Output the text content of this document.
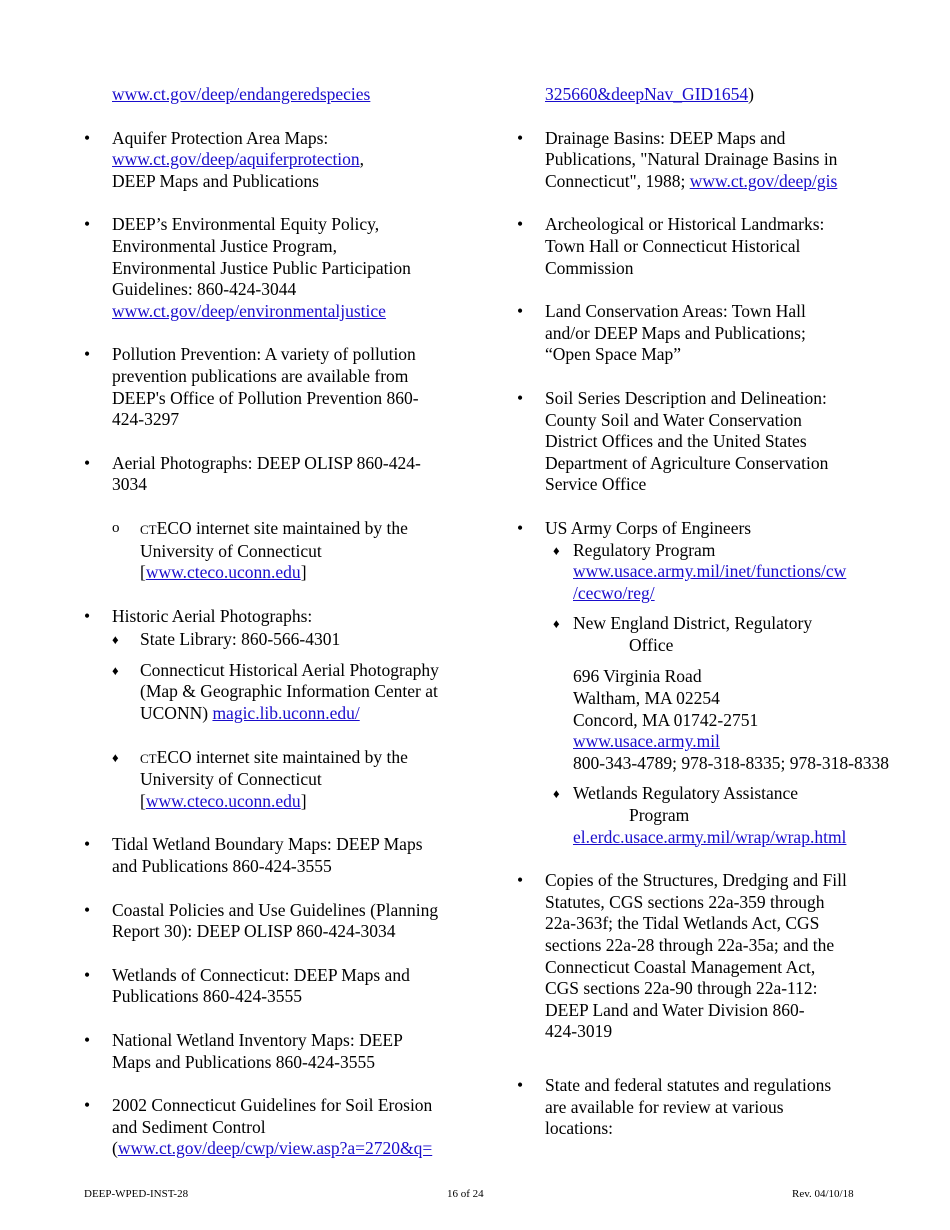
www.ct.gov/deep/endangeredspecies
•	Aquifer Protection Area Maps:
www.ct.gov/deep/aquiferprotection,
DEEP Maps and Publications
•	DEEP’s Environmental Equity Policy,
Environmental Justice Program,
Environmental Justice Public Participation
Guidelines: 860-424-3044
www.ct.gov/deep/environmentaljustice
•	Pollution Prevention: A variety of pollution
prevention publications are available from
DEEP's Office of Pollution Prevention 860-
424-3297
•	Aerial Photographs: DEEP OLISP 860-424-
3034
o CTECO internet site maintained by the
University of Connecticut
[www.cteco.uconn.edu]
•	Historic Aerial Photographs:
♦ State Library: 860-566-4301
♦ Connecticut Historical Aerial Photography
(Map & Geographic Information Center at
UCONN) magic.lib.uconn.edu/
♦ CTECO internet site maintained by the
University of Connecticut
[www.cteco.uconn.edu]
•	Tidal Wetland Boundary Maps: DEEP Maps
and Publications 860-424-3555
•	Coastal Policies and Use Guidelines (Planning
Report 30): DEEP OLISP 860-424-3034
•	Wetlands of Connecticut: DEEP Maps and
Publications 860-424-3555
•	National Wetland Inventory Maps: DEEP
Maps and Publications 860-424-3555
•	2002 Connecticut Guidelines for Soil Erosion
and Sediment Control
(www.ct.gov/deep/cwp/view.asp?a=2720&q=
325660&deepNav_GID1654)
•	Drainage Basins: DEEP Maps and
Publications, "Natural Drainage Basins in
Connecticut", 1988; www.ct.gov/deep/gis
•	Archeological or Historical Landmarks:
Town Hall or Connecticut Historical
Commission
•	Land Conservation Areas: Town Hall
and/or DEEP Maps and Publications;
“Open Space Map”
•	Soil Series Description and Delineation:
County Soil and Water Conservation
District Offices and the United States
Department of Agriculture Conservation
Service Office
•	US Army Corps of Engineers
♦ Regulatory Program
www.usace.army.mil/inet/functions/cw
/cecwo/reg/
♦ New England District, Regulatory
Office
696 Virginia Road
Waltham, MA 02254
Concord, MA 01742-2751
www.usace.army.mil
800-343-4789; 978-318-8335; 978-318-8338
♦ Wetlands Regulatory Assistance
Program
el.erdc.usace.army.mil/wrap/wrap.html
•	Copies of the Structures, Dredging and Fill
Statutes, CGS sections 22a-359 through
22a-363f; the Tidal Wetlands Act, CGS
sections 22a-28 through 22a-35a; and the
Connecticut Coastal Management Act,
CGS sections 22a-90 through 22a-112:
DEEP Land and Water Division 860-
424-3019
•	State and federal statutes and regulations
are available for review at various
locations:
DEEP-WPED-INST-28	16 of 24	Rev. 04/10/18
